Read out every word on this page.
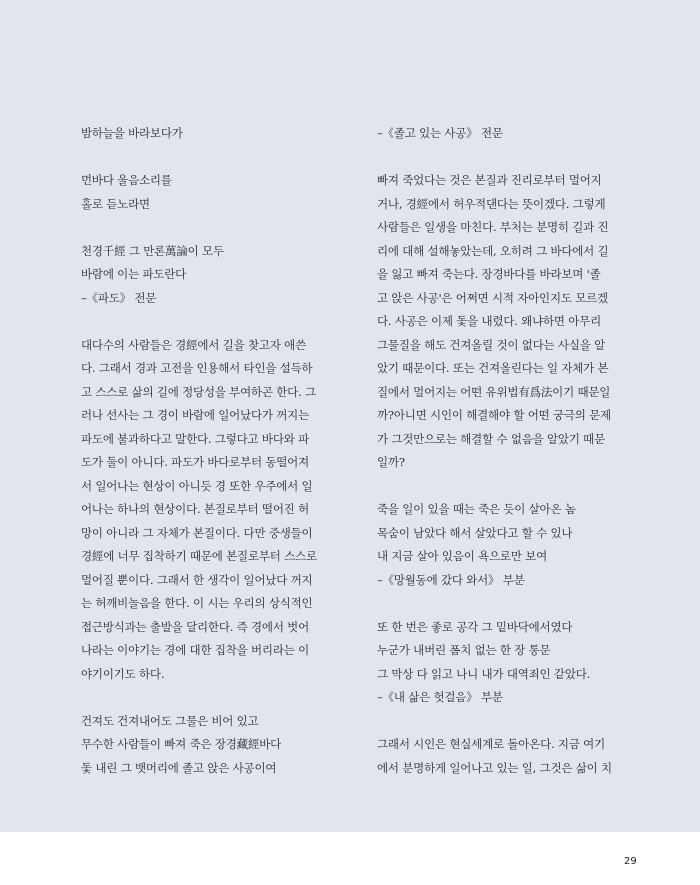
밤하늘을 바라보다가
먼바다 울음소리를
홀로 듣노라면
천경千經 그 만론萬論이 모두
바람에 이는 파도란다
–《파도》 전문
대다수의 사람들은 경經에서 길을 찾고자 애쓴
다. 그래서 경과 고전을 인용해서 타인을 설득하
고 스스로 삶의 길에 정당성을 부여하곤 한다. 그
러나 선사는 그 경이 바람에 일어났다가 꺼지는
파도에 불과하다고 말한다. 그렇다고 바다와 파
도가 둘이 아니다. 파도가 바다로부터 동떨어져
서 일어나는 현상이 아니듯 경 또한 우주에서 일
어나는 하나의 현상이다. 본질로부터 떨어진 허
망이 아니라 그 자체가 본질이다. 다만 중생들이
경經에 너무 집착하기 때문에 본질로부터 스스로
멀어질 뿐이다. 그래서 한 생각이 일어났다 꺼지
는 허깨비놀음을 한다. 이 시는 우리의 상식적인
접근방식과는 출발을 달리한다. 즉 경에서 벗어
나라는 이야기는 경에 대한 집착을 버리라는 이
야기이기도 하다.
건져도 건져내어도 그물은 비어 있고
무수한 사람들이 빠져 죽은 장경藏經바다
돛 내린 그 뱃머리에 졸고 앉은 사공이여
–《졸고 있는 사공》 전문
빠져 죽었다는 것은 본질과 진리로부터 멀어지
거나, 경經에서 허우적댄다는 뜻이겠다. 그렇게
사람들은 일생을 마친다. 부처는 분명히 길과 진
리에 대해 설해놓았는데, 오히려 그 바다에서 길
을 잃고 빠져 죽는다. 장경바다를 바라보며 '졸
고 앉은 사공'은 어쩌면 시적 자아인지도 모르겠
다. 사공은 이제 돛을 내렸다. 왜냐하면 아무리
그물질을 해도 건져올릴 것이 없다는 사실을 알
았기 때문이다. 또는 건져올린다는 일 자체가 본
질에서 멀어지는 어떤 유위법有爲法이기 때문일
까?아니면 시인이 해결해야 할 어떤 궁극의 문제
가 그것만으로는 해결할 수 없음을 알았기 때문
일까?
죽을 일이 있을 때는 죽은 듯이 살아온 놈
목숨이 남았다 해서 살았다고 할 수 있나
내 지금 살아 있음이 욕으로만 보여
–《망월동에 갔다 와서》 부분
또 한 번은 좋로 공각 그 밑바닥에서였다
누군가 내버린 폼치 없는 한 장 통문
그 막상 다 읽고 나니 내가 대역죄인 같았다.
–《내 삶은 헛걸음》 부분
그래서 시인은 현실세계로 돌아온다. 지금 여기
에서 분명하게 일어나고 있는 일, 그것은 삶이 치
29
